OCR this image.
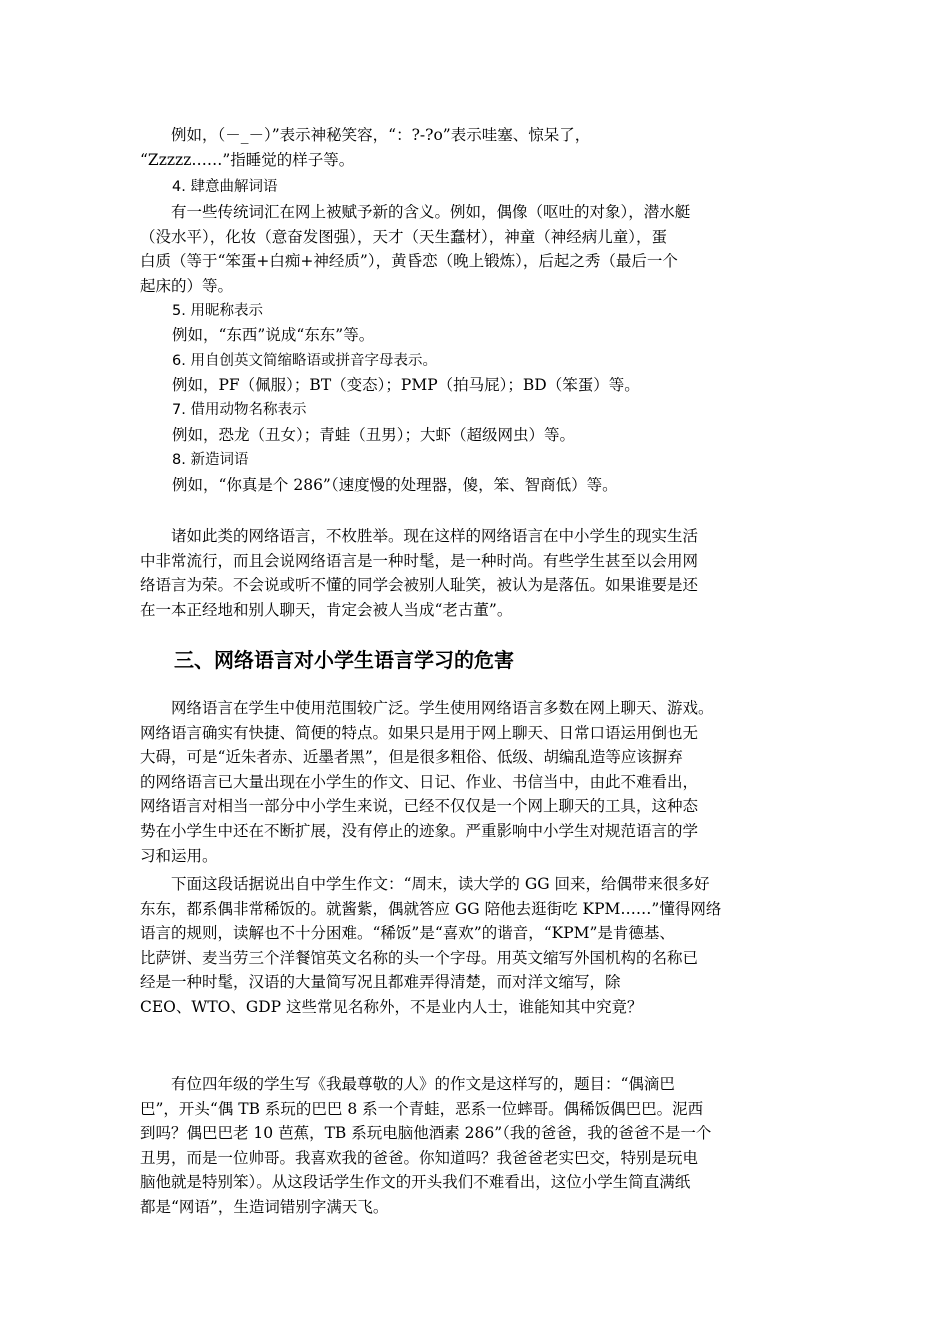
　　例如，（－_－）”表示神秘笑容，“：?-?o”表示哇塞、惊呆了，
“Zzzzz……”指睡觉的样子等。

4. 肆意曲解词语

　　有一些传统词汇在网上被赋予新的含义。例如，偶像（呕吐的对象），潜水艇
（没水平），化妆（意奋发图强），天才（天生蠢材），神童（神经病儿童），蛋
白质（等于“笨蛋+白痴+神经质”），黄昏恋（晚上锻炼），后起之秀（最后一个
起床的）等。

5. 用昵称表示

例如，“东西”说成“东东”等。

6. 用自创英文简缩略语或拼音字母表示。

例如，PF（佩服）；BT（变态）；PMP（拍马屁）；BD（笨蛋）等。

7. 借用动物名称表示

例如，恐龙（丑女）；青蛙（丑男）；大虾（超级网虫）等。

8. 新造词语

例如，“你真是个 286”（速度慢的处理器，傻，笨、智商低）等。

　　诸如此类的网络语言，不枚胜举。现在这样的网络语言在中小学生的现实生活
中非常流行，而且会说网络语言是一种时髦，是一种时尚。有些学生甚至以会用网
络语言为荣。不会说或听不懂的同学会被别人耻笑，被认为是落伍。如果谁要是还
在一本正经地和别人聊天，肯定会被人当成“老古董”。

三、网络语言对小学生语言学习的危害

　　网络语言在学生中使用范围较广泛。学生使用网络语言多数在网上聊天、游戏。
网络语言确实有快捷、简便的特点。如果只是用于网上聊天、日常口语运用倒也无
大碍，可是“近朱者赤、近墨者黑”，但是很多粗俗、低级、胡编乱造等应该摒弃
的网络语言已大量出现在小学生的作文、日记、作业、书信当中，由此不难看出，
网络语言对相当一部分中小学生来说，已经不仅仅是一个网上聊天的工具，这种态
势在小学生中还在不断扩展，没有停止的迹象。严重影响中小学生对规范语言的学
习和运用。

　　下面这段话据说出自中学生作文：“周末，读大学的 GG 回来，给偶带来很多好
东东，都系偶非常稀饭的。就酱紫，偶就答应 GG 陪他去逛街吃 KPM……”懂得网络
语言的规则，读解也不十分困难。“稀饭”是“喜欢”的谐音，“KPM”是肯德基、
比萨饼、麦当劳三个洋餐馆英文名称的头一个字母。用英文缩写外国机构的名称已
经是一种时髦，汉语的大量简写况且都难弄得清楚，而对洋文缩写，除
CEO、WTO、GDP 这些常见名称外，不是业内人士，谁能知其中究竟？

　　有位四年级的学生写《我最尊敬的人》的作文是这样写的，题目：“偶滴巴
巴”，开头“偶 TB 系玩的巴巴 8 系一个青蛙，恶系一位蟀哥。偶稀饭偶巴巴。泥西
到吗？偶巴巴老 10 芭蕉，TB 系玩电脑他酒素 286”（我的爸爸，我的爸爸不是一个
丑男，而是一位帅哥。我喜欢我的爸爸。你知道吗？我爸爸老实巴交，特别是玩电
脑他就是特别笨）。从这段话学生作文的开头我们不难看出，这位小学生简直满纸
都是“网语”，生造词错别字满天飞。
